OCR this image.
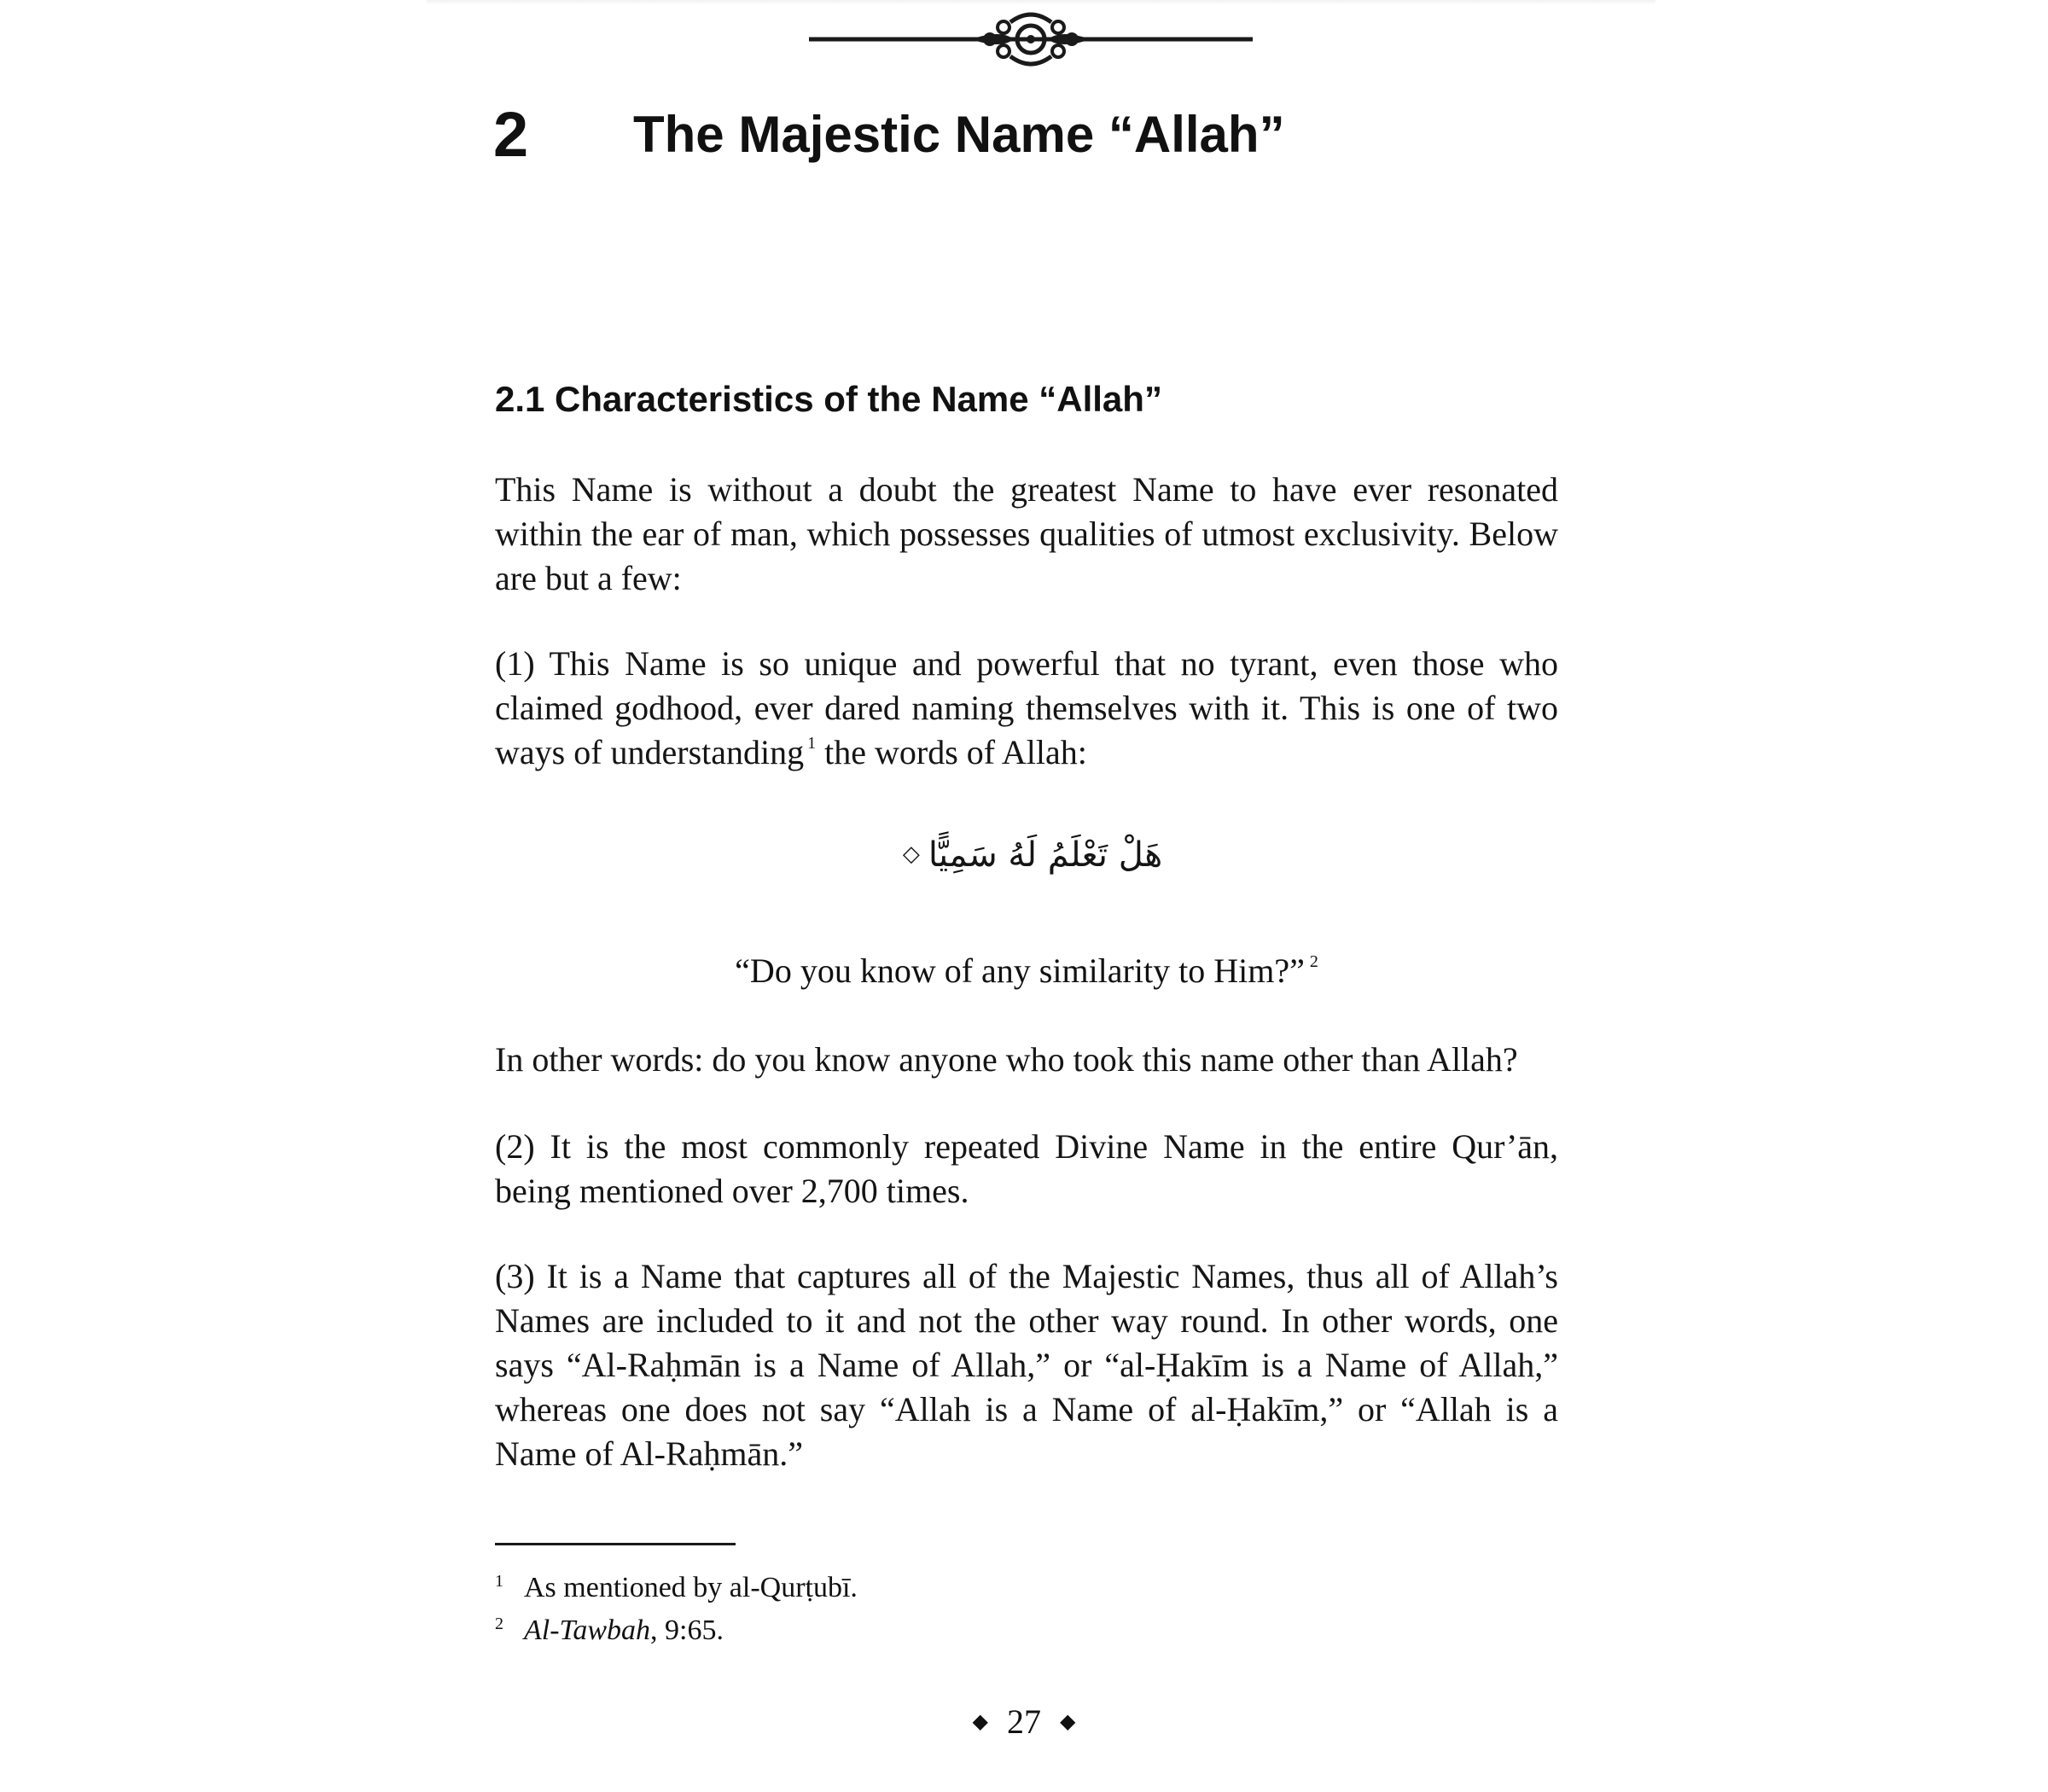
2 The Majestic Name “Allah”
2.1 Characteristics of the Name “Allah”

This Name is without a doubt the greatest Name to have ever resonated within the ear of man, which possesses qualities of utmost exclusivity. Below are but a few:

(1) This Name is so unique and powerful that no tyrant, even those who claimed godhood, ever dared naming themselves with it. This is one of two ways of understanding $^1$ the words of Allah:

◇ هَلْ تَعْلَمُ لَهُ سَمِيًّا

“Do you know of any similarity to Him?” $^2$

In other words: do you know anyone who took this name other than Allah?

(2) It is the most commonly repeated Divine Name in the entire Qur’ān, being mentioned over 2,700 times.

(3) It is a Name that captures all of the Majestic Names, thus all of Allah’s Names are included to it and not the other way round. In other words, one says “Al-Raḥmān is a Name of Allah,” or “al-Ḥakīm is a Name of Allah,” whereas one does not say “Allah is a Name of al-Ḥakīm,” or “Allah is a Name of Al-Raḥmān.”

1 As mentioned by al-Qurṭubī.

2 Al-Tawbah, 9:65.

◆ 27 ◆
